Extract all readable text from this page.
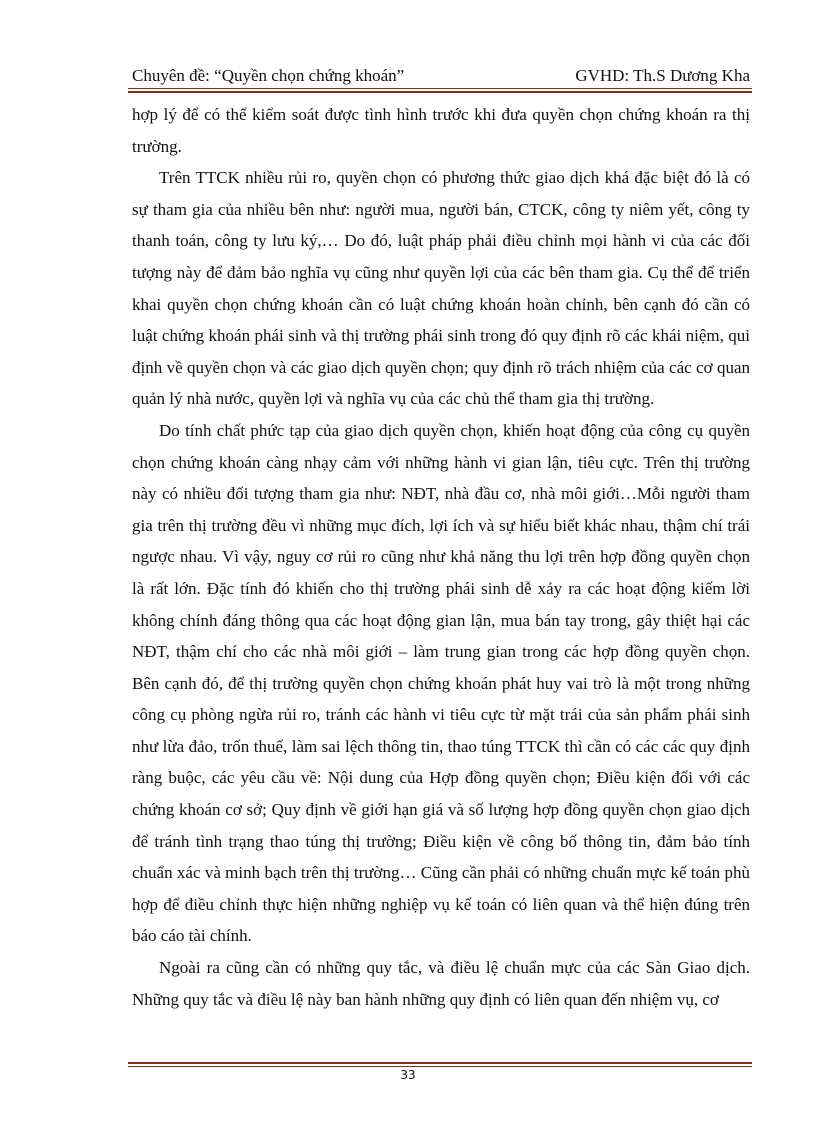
Chuyên đề: “Quyền chọn chứng khoán”	GVHD: Th.S Dương Kha

hợp lý để có thể kiểm soát được tình hình trước khi đưa quyền chọn chứng khoán ra thị trường.

Trên TTCK nhiều rủi ro, quyền chọn có phương thức giao dịch khá đặc biệt đó là có sự tham gia của nhiều bên như: người mua, người bán, CTCK, công ty niêm yết, công ty thanh toán, công ty lưu ký,… Do đó, luật pháp phải điều chỉnh mọi hành vi của các đối tượng này để đảm bảo nghĩa vụ cũng như quyền lợi của các bên tham gia. Cụ thể để triển khai quyền chọn chứng khoán cần có luật chứng khoán hoàn chỉnh, bên cạnh đó cần có luật chứng khoán phái sinh và thị trường phái sinh trong đó quy định rõ các khái niệm, qui định về quyền chọn và các giao dịch quyền chọn; quy định rõ trách nhiệm của các cơ quan quản lý nhà nước, quyền lợi và nghĩa vụ của các chủ thể tham gia thị trường.

Do tính chất phức tạp của giao dịch quyền chọn, khiến hoạt động của công cụ quyền chọn chứng khoán càng nhạy cảm với những hành vi gian lận, tiêu cực. Trên thị trường này có nhiều đối tượng tham gia như: NĐT, nhà đầu cơ, nhà môi giới…Mỗi người tham gia trên thị trường đều vì những mục đích, lợi ích và sự hiểu biết khác nhau, thậm chí trái ngược nhau. Vì vậy, nguy cơ rủi ro cũng như khả năng thu lợi trên hợp đồng quyền chọn là rất lớn. Đặc tính đó khiến cho thị trường phái sinh dễ xảy ra các hoạt động kiếm lời không chính đáng thông qua các hoạt động gian lận, mua bán tay trong, gây thiệt hại các NĐT, thậm chí cho các nhà môi giới – làm trung gian trong các hợp đồng quyền chọn. Bên cạnh đó, để thị trường quyền chọn chứng khoán phát huy vai trò là một trong những công cụ phòng ngừa rủi ro, tránh các hành vi tiêu cực từ mặt trái của sản phẩm phái sinh như lừa đảo, trốn thuế, làm sai lệch thông tin, thao túng TTCK thì cần có các các quy định ràng buộc, các yêu cầu về: Nội dung của Hợp đồng quyền chọn; Điều kiện đối với các chứng khoán cơ sở; Quy định về giới hạn giá và số lượng hợp đồng quyền chọn giao dịch để tránh tình trạng thao túng thị trường; Điều kiện về công bố thông tin, đảm bảo tính chuẩn xác và minh bạch trên thị trường… Cũng cần phải có những chuẩn mực kế toán phù hợp để điều chỉnh thực hiện những nghiệp vụ kế toán có liên quan và thể hiện đúng trên báo cáo tài chính.

Ngoài ra cũng cần có những quy tắc, và điều lệ chuẩn mực của các Sàn Giao dịch. Những quy tắc và điều lệ này ban hành những quy định có liên quan đến nhiệm vụ, cơ

33
